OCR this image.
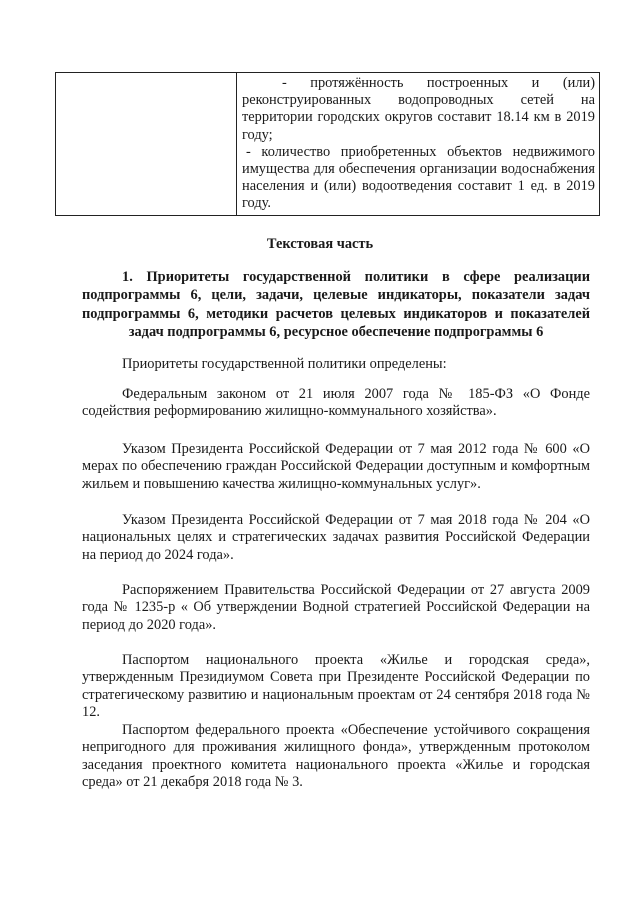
- протяжённость построенных и (или) реконструированных водопроводных сетей на территории городских округов составит 18.14 км в 2019 году;

- количество приобретенных объектов недвижимого имущества для обеспечения организации водоснабжения населения и (или) водоотведения составит 1 ед. в 2019 году.

Текстовая часть

1. Приоритеты государственной политики в сфере реализации подпрограммы 6, цели, задачи, целевые индикаторы, показатели задач подпрограммы 6, методики расчетов целевых индикаторов и показателей задач подпрограммы 6, ресурсное обеспечение подпрограммы 6

Приоритеты государственной политики определены:

Федеральным законом от 21 июля 2007 года № 185-ФЗ «О Фонде содействия реформированию жилищно-коммунального хозяйства».

Указом Президента Российской Федерации от 7 мая 2012 года № 600 «О мерах по обеспечению граждан Российской Федерации доступным и комфортным жильем и повышению качества жилищно-коммунальных услуг».

Указом Президента Российской Федерации от 7 мая 2018 года № 204 «О национальных целях и стратегических задачах развития Российской Федерации на период до 2024 года».

Распоряжением Правительства Российской Федерации от 27 августа 2009 года № 1235-р « Об утверждении Водной стратегией Российской Федерации на период до 2020 года».

Паспортом национального проекта «Жилье и городская среда», утвержденным Президиумом Совета при Президенте Российской Федерации по стратегическому развитию и национальным проектам от 24 сентября 2018 года № 12.

Паспортом федерального проекта «Обеспечение устойчивого сокращения непригодного для проживания жилищного фонда», утвержденным протоколом заседания проектного комитета национального проекта «Жилье и городская среда» от 21 декабря 2018 года № 3.
